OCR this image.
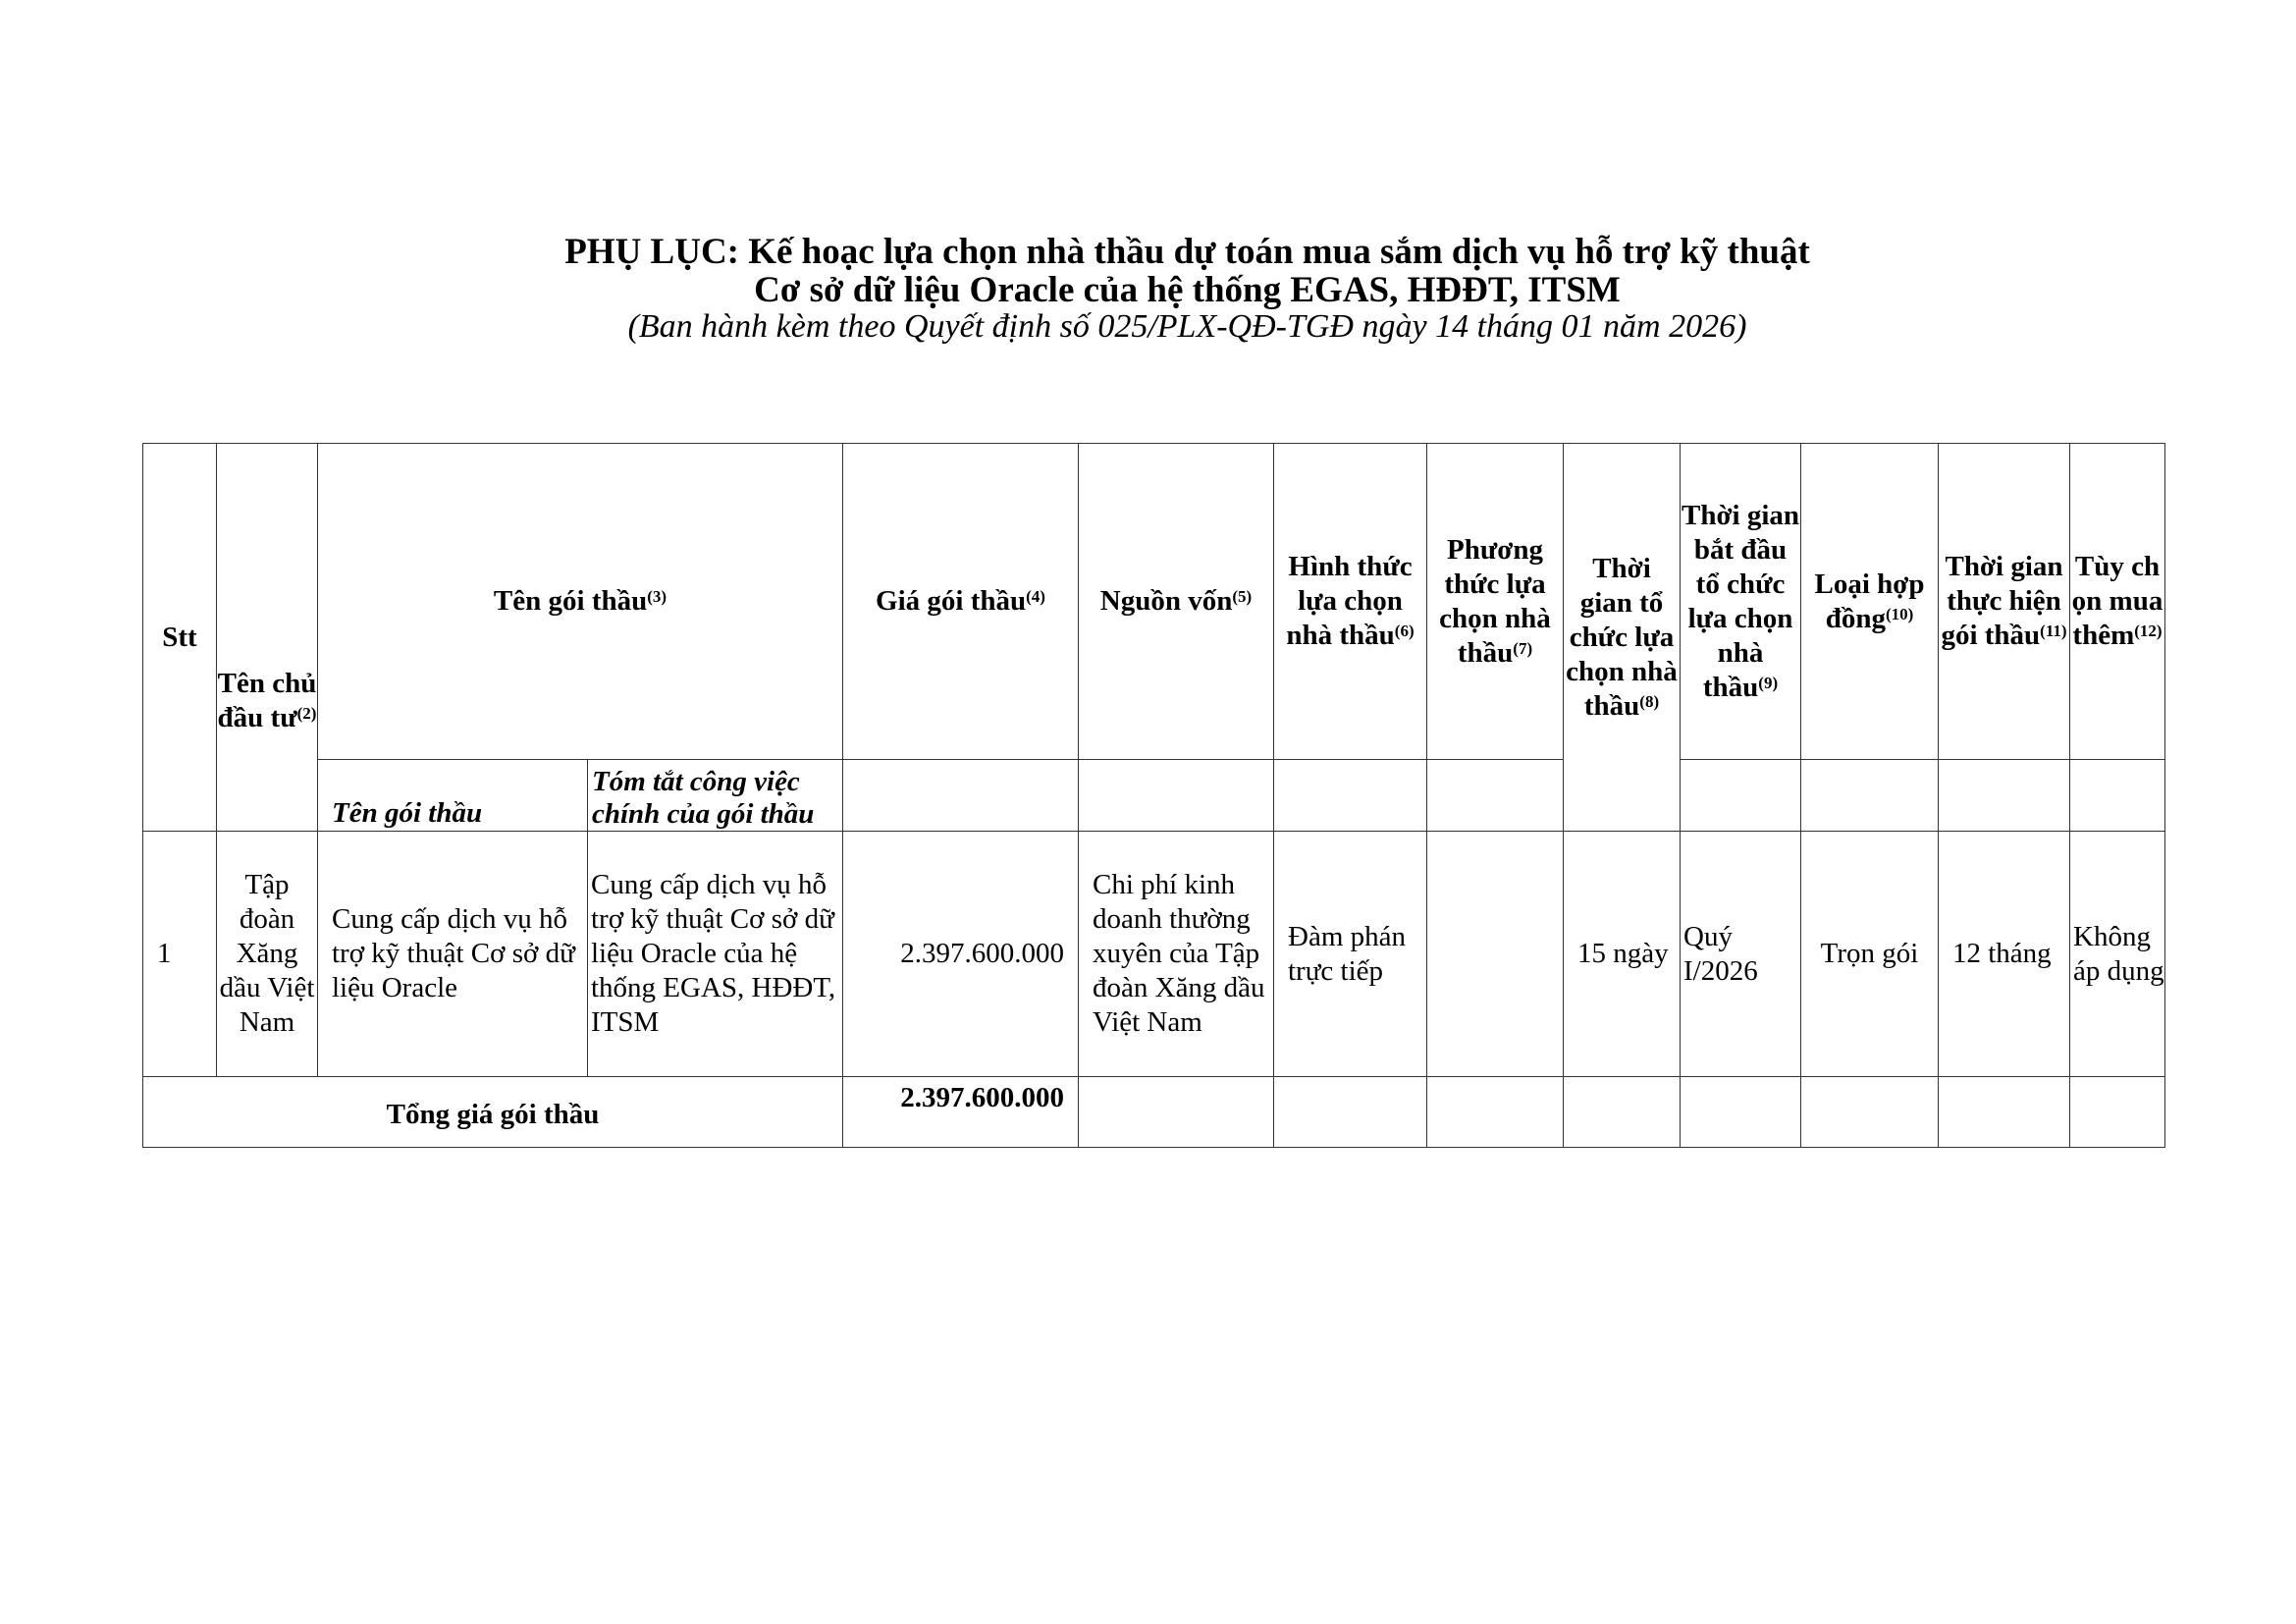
PHỤ LỤC: Kế hoạc lựa chọn nhà thầu dự toán mua sắm dịch vụ hỗ trợ kỹ thuật
Cơ sở dữ liệu Oracle của hệ thống EGAS, HĐĐT, ITSM
(Ban hành kèm theo Quyết định số 025/PLX-QĐ-TGĐ ngày 14 tháng 01 năm 2026)
Stt	Tên chủ đầu $tư^{(2)}$	Tên gói thầu$^{(3)}$		Giá gói thầu$^{(4)}$	Nguồn vốn$^{(5)}$	Hình thức lựa chọn nhà thầu$^{(6)}$	Phương thức lựa chọn nhà thầu$^{(7)}$	Thời gian tổ chức lựa chọn nhà thầu$^{(8)}$	Thời gian bắt đầu tổ chức lựa chọn nhà thầu$^{(9)}$	Loại hợp đồng$^{(10)}$	Thời gian thực hiện gói thầu$^{(11)}$	Tùy chọn mua thêm$^{(12)}$
		Tên gói thầu	Tóm tắt công việc chính của gói thầu									
1	Tập đoàn Xăng dầu Việt Nam	Cung cấp dịch vụ hỗ trợ kỹ thuật Cơ sở dữ liệu Oracle	Cung cấp dịch vụ hỗ trợ kỹ thuật Cơ sở dữ liệu Oracle của hệ thống EGAS, HĐĐT, ITSM	2.397.600.000	Chi phí kinh doanh thường xuyên của Tập đoàn Xăng dầu Việt Nam	Đàm phán trực tiếp		15 ngày	Quý I/2026	Trọn gói	12 tháng	Không áp dụng
Tổng giá gói thầu				2.397.600.000								
